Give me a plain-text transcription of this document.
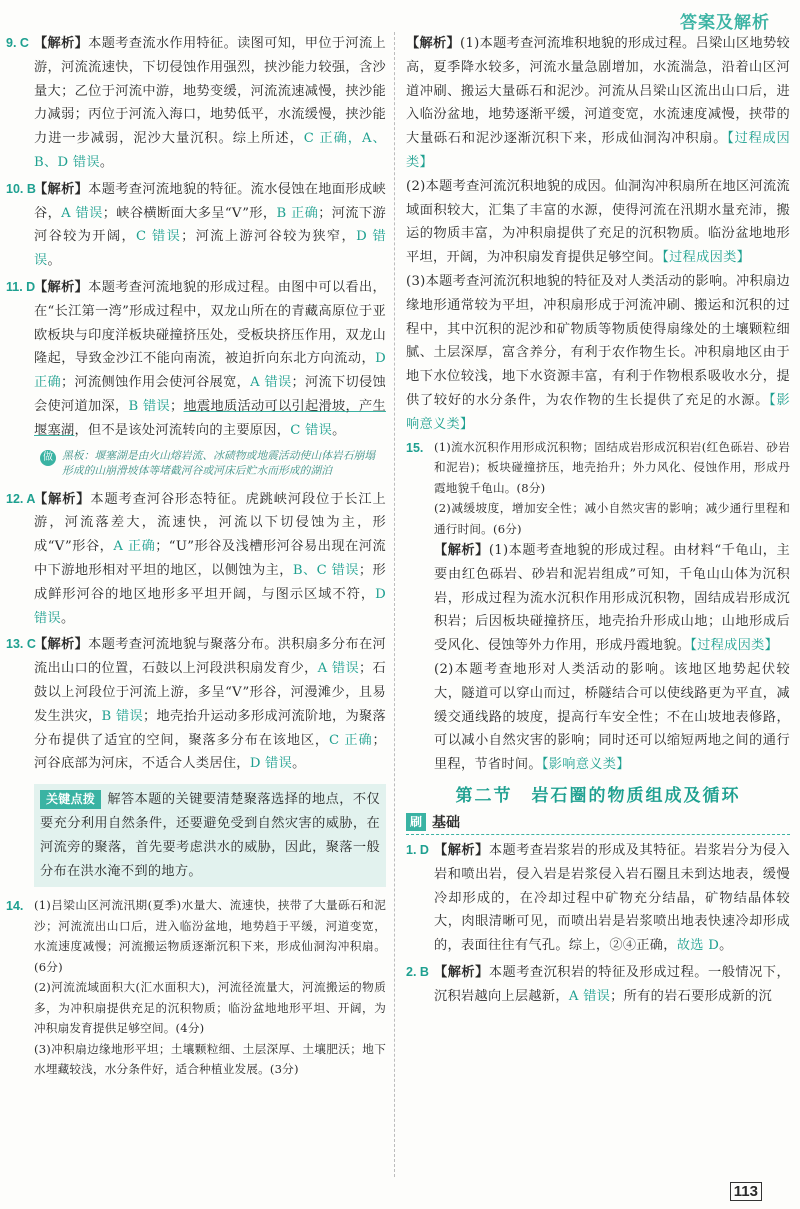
答案及解析
9. C 【解析】本题考查流水作用特征。读图可知，甲位于河流上游，河流流速快，下切侵蚀作用强烈，挟沙能力较强，含沙量大；乙位于河流中游，地势变缓，河流流速减慢，挟沙能力减弱；丙位于河流入海口，地势低平，水流缓慢，挟沙能力进一步减弱，泥沙大量沉积。综上所述，C 正确，A、B、D 错误。

10. B

【解析】本题考查河流地貌的特征。流水侵蚀在地面形成峡谷，A 错误；峡谷横断面大多呈“V”形，B 正确；河流下游河谷较为开阔，C 错误；河流上游河谷较为狭窄，D 错误。

11. D

【解析】本题考查河流地貌的形成过程。由图中可以看出，在“长江第一湾”形成过程中，双龙山所在的青藏高原位于亚欧板块与印度洋板块碰撞挤压处，受板块挤压作用，双龙山隆起，导致金沙江不能向南流，被迫折向东北方向流动，D 正确；河流侧蚀作用会使河谷展宽，A 错误；河流下切侵蚀会使河道加深，B 错误；地震地质活动可以引起滑坡，产生堰塞湖，但不是该处河流转向的主要原因，C 错误。

做 黑板：堰塞湖是由火山熔岩流、冰碛物或地震活动使山体岩石崩塌形成的山崩滑坡体等堵截河谷或河床后贮水而形成的湖泊
12. A

【解析】本题考查河谷形态特征。虎跳峡河段位于长江上游，河流落差大，流速快，河流以下切侵蚀为主，形成“V”形谷，A 正确；“U”形谷及浅槽形河谷易出现在河流中下游地形相对平坦的地区，以侧蚀为主，B、C 错误；形成鲜形河谷的地区地形多平坦开阔，与图示区域不符，D 错误。

13. C

【解析】本题考查河流地貌与聚落分布。洪积扇多分布在河流出山口的位置，石鼓以上河段洪积扇发育少，A 错误；石鼓以上河段位于河流上游，多呈“V”形谷，河漫滩少，且易发生洪灾，B 错误；地壳抬升运动多形成河流阶地，为聚落分布提供了适宜的空间，聚落多分布在该地区，C 正确；河谷底部为河床，不适合人类居住，D 错误。

关键点拨 解答本题的关键要清楚聚落选择的地点，不仅要充分利用自然条件，还要避免受到自然灾害的威胁，在河流旁的聚落，首先要考虑洪水的威胁，因此，聚落一般分布在洪水淹不到的地方。

14. (1)吕梁山区河流汛期(夏季)水量大、流速快，挟带了大量砾石和泥沙；河流流出山口后，进入临汾盆地，地势趋于平缓，河道变宽，水流速度减慢；河流搬运物质逐渐沉积下来，形成仙洞沟冲积扇。(6分)

(2)河流流域面积大(汇水面积大)，河流径流量大，河流搬运的物质多，为冲积扇提供充足的沉积物质；临汾盆地地形平坦、开阔，为冲积扇发育提供足够空间。(4分)

(3)冲积扇边缘地形平坦；土壤颗粒细、土层深厚、土壤肥沃；地下水埋藏较浅，水分条件好，适合种植业发展。(3分)

【解析】(1)本题考查河流堆积地貌的形成过程。吕梁山区地势较高，夏季降水较多，河流水量急剧增加，水流湍急，沿着山区河道冲刷、搬运大量砾石和泥沙。河流从吕梁山区流出山口后，进入临汾盆地，地势逐渐平缓，河道变宽，水流速度减慢，挟带的大量砾石和泥沙逐渐沉积下来，形成仙洞沟冲积扇。【过程成因类】

(2)本题考查河流沉积地貌的成因。仙洞沟冲积扇所在地区河流流域面积较大，汇集了丰富的水源，使得河流在汛期水量充沛，搬运的物质丰富，为冲积扇提供了充足的沉积物质。临汾盆地地形平坦，开阔，为冲积扇发育提供足够空间。【过程成因类】

(3)本题考查河流沉积地貌的特征及对人类活动的影响。冲积扇边缘地形通常较为平坦，冲积扇形成于河流冲刷、搬运和沉积的过程中，其中沉积的泥沙和矿物质等物质使得扇缘处的土壤颗粒细腻、土层深厚，富含养分，有利于农作物生长。冲积扇地区由于地下水位较浅，地下水资源丰富，有利于作物根系吸收水分，提供了较好的水分条件，为农作物的生长提供了充足的水源。【影响意义类】

15. (1)流水沉积作用形成沉积物；固结成岩形成沉积岩(红色砾岩、砂岩和泥岩)；板块碰撞挤压，地壳抬升；外力风化、侵蚀作用，形成丹霞地貌千龟山。(8分)

(2)减缓坡度，增加安全性；减小自然灾害的影响；减少通行里程和通行时间。(6分)

【解析】(1)本题考查地貌的形成过程。由材料“千龟山，主要由红色砾岩、砂岩和泥岩组成”可知，千龟山山体为沉积岩，形成过程为流水沉积作用形成沉积物，固结成岩形成沉积岩；后因板块碰撞挤压，地壳抬升形成山地；山地形成后受风化、侵蚀等外力作用，形成丹霞地貌。【过程成因类】

(2)本题考查地形对人类活动的影响。该地区地势起伏较大，隧道可以穿山而过，桥隧结合可以使线路更为平直，减缓交通线路的坡度，提高行车安全性；不在山坡地表修路，可以减小自然灾害的影响；同时还可以缩短两地之间的通行里程，节省时间。【影响意义类】

第二节　岩石圈的物质组成及循环
刷 基础
1. D 【解析】本题考查岩浆岩的形成及其特征。岩浆岩分为侵入岩和喷出岩，侵入岩是岩浆侵入岩石圈且未到达地表，缓慢冷却形成的，在冷却过程中矿物充分结晶，矿物结晶体较大，肉眼清晰可见，而喷出岩是岩浆喷出地表快速冷却形成的，表面往往有气孔。综上，②④正确，故选 D。

2. B 【解析】本题考查沉积岩的特征及形成过程。一般情况下，沉积岩越向上层越新，A 错误；所有的岩石要形成新的沉

113
